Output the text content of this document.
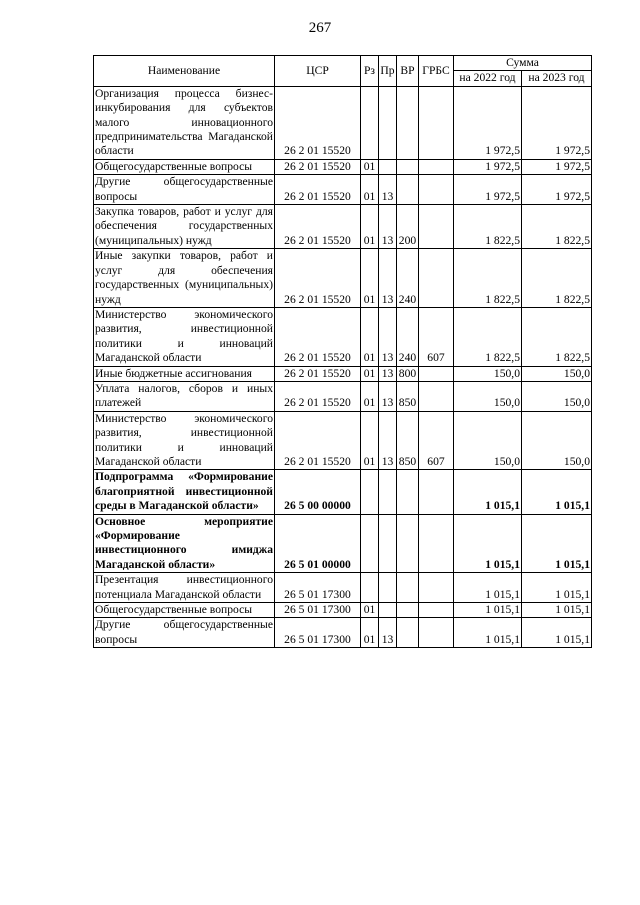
267
Наименование	ЦСР	Рз	Пр	ВР	ГРБС	Сумма	
						на 2022 год	на 2023 год
Организация процесса бизнес-инкубирования для субъектов малого инновационного предпринимательства Магаданской области	26 2 01 15520					1 972,5	1 972,5
Общегосударственные вопросы	26 2 01 15520	01				1 972,5	1 972,5
Другие общегосударственные вопросы	26 2 01 15520	01	13			1 972,5	1 972,5
Закупка товаров, работ и услуг для обеспечения государственных (муниципальных) нужд	26 2 01 15520	01	13	200		1 822,5	1 822,5
Иные закупки товаров, работ и услуг для обеспечения государственных (муниципальных) нужд	26 2 01 15520	01	13	240		1 822,5	1 822,5
Министерство экономического развития, инвестиционной политики и инноваций Магаданской области	26 2 01 15520	01	13	240	607	1 822,5	1 822,5
Иные бюджетные ассигнования	26 2 01 15520	01	13	800		150,0	150,0
Уплата налогов, сборов и иных платежей	26 2 01 15520	01	13	850		150,0	150,0
Министерство экономического развития, инвестиционной политики и инноваций Магаданской области	26 2 01 15520	01	13	850	607	150,0	150,0
Подпрограмма «Формирование благоприятной инвестиционной среды в Магаданской области»	26 5 00 00000					1 015,1	1 015,1
Основное мероприятие «Формирование инвестиционного имиджа Магаданской области»	26 5 01 00000					1 015,1	1 015,1
Презентация инвестиционного потенциала Магаданской области	26 5 01 17300					1 015,1	1 015,1
Общегосударственные вопросы	26 5 01 17300	01				1 015,1	1 015,1
Другие общегосударственные вопросы	26 5 01 17300	01	13			1 015,1	1 015,1
